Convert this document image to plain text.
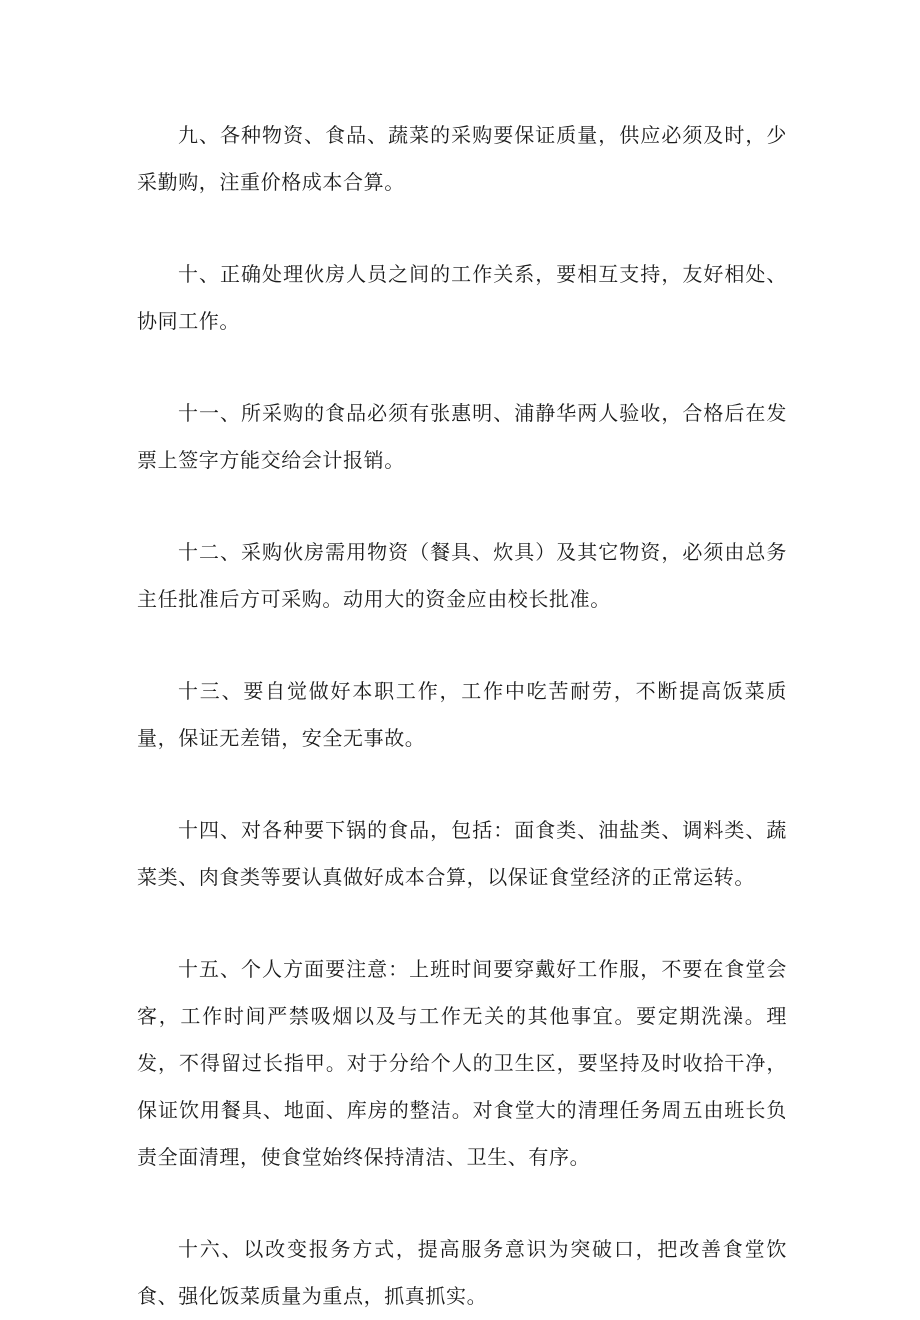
九、各种物资、食品、蔬菜的采购要保证质量，供应必须及时，少采勤购，注重价格成本合算。

十、正确处理伙房人员之间的工作关系，要相互支持，友好相处、协同工作。

十一、所采购的食品必须有张惠明、浦静华两人验收，合格后在发票上签字方能交给会计报销。

十二、采购伙房需用物资（餐具、炊具）及其它物资，必须由总务主任批准后方可采购。动用大的资金应由校长批准。

十三、要自觉做好本职工作，工作中吃苦耐劳，不断提高饭菜质量，保证无差错，安全无事故。

十四、对各种要下锅的食品，包括：面食类、油盐类、调料类、蔬菜类、肉食类等要认真做好成本合算，以保证食堂经济的正常运转。

十五、个人方面要注意：上班时间要穿戴好工作服，不要在食堂会客，工作时间严禁吸烟以及与工作无关的其他事宜。要定期洗澡。理发，不得留过长指甲。对于分给个人的卫生区，要坚持及时收拾干净，保证饮用餐具、地面、库房的整洁。对食堂大的清理任务周五由班长负责全面清理，使食堂始终保持清洁、卫生、有序。

十六、以改变报务方式，提高服务意识为突破口，把改善食堂饮食、强化饭菜质量为重点，抓真抓实。
